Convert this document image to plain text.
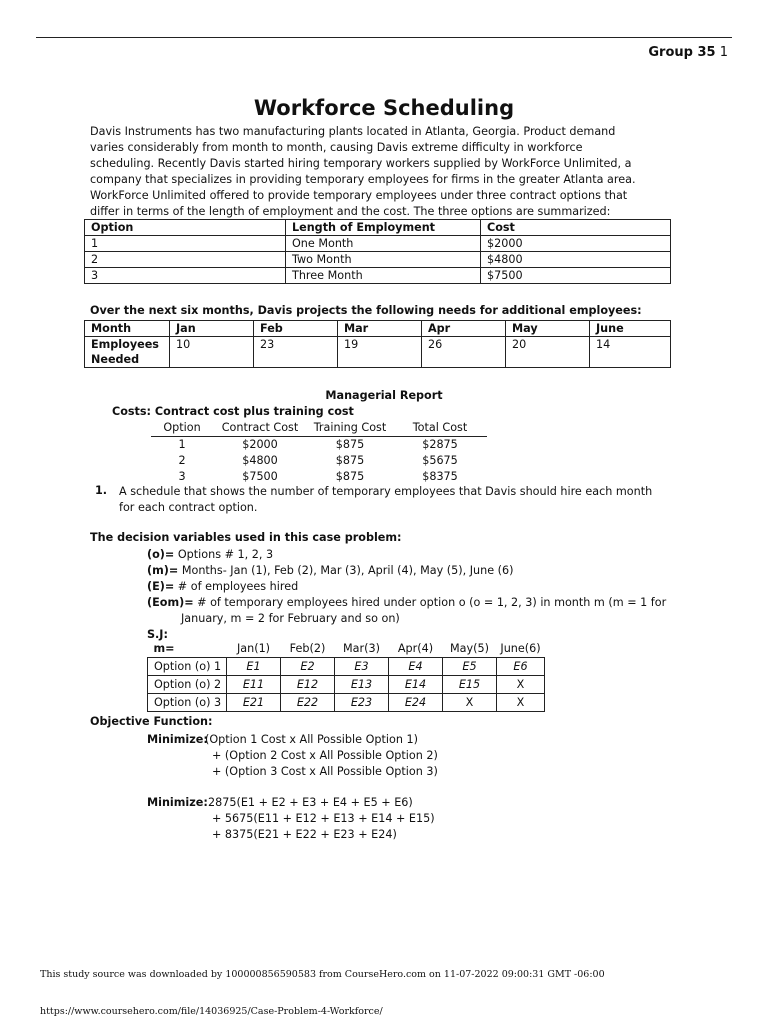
Group 35 1
Workforce Scheduling
Davis Instruments has two manufacturing plants located in Atlanta, Georgia. Product demand varies considerably from month to month, causing Davis extreme difficulty in workforce scheduling. Recently Davis started hiring temporary workers supplied by WorkForce Unlimited, a company that specializes in providing temporary employees for firms in the greater Atlanta area. WorkForce Unlimited offered to provide temporary employees under three contract options that differ in terms of the length of employment and the cost. The three options are summarized:
Option	Length of Employment	Cost
1	One Month	$2000
2	Two Month	$4800
3	Three Month	$7500
Over the next six months, Davis projects the following needs for additional employees:
Month	Jan	Feb	Mar	Apr	May	June
Employees Needed	10	23	19	26	20	14
Managerial Report
Costs: Contract cost plus training cost
Option	Contract Cost	Training Cost	Total Cost
1	$2000	$875	$2875
2	$4800	$875	$5675
3	$7500	$875	$8375
1. A schedule that shows the number of temporary employees that Davis should hire each month for each contract option.
The decision variables used in this case problem:
(o)= Options # 1, 2, 3
(m)= Months- Jan (1), Feb (2), Mar (3), April (4), May (5), June (6)
(E)= # of employees hired
(Eom)= # of temporary employees hired under option o (o = 1, 2, 3) in month m (m = 1 for
January, m = 2 for February and so on)
S.J:
m=	Jan(1)	Feb(2)	Mar(3)	Apr(4)	May(5)	June(6)
Option (o) 1	E1	E2	E3	E4	E5	E6
Option (o) 2	E11	E12	E13	E14	E15	X
Option (o) 3	E21	E22	E23	E24	X	X
Objective Function:
Minimize:
(Option 1 Cost x All Possible Option 1)
+ (Option 2 Cost x All Possible Option 2)
+ (Option 3 Cost x All Possible Option 3)
Minimize: 2875(E1 + E2 + E3 + E4 + E5 + E6)
+ 5675(E11 + E12 + E13 + E14 + E15)
+ 8375(E21 + E22 + E23 + E24)
This study source was downloaded by 100000856590583 from CourseHero.com on 11-07-2022 09:00:31 GMT -06:00
https://www.coursehero.com/file/14036925/Case-Problem-4-Workforce/
